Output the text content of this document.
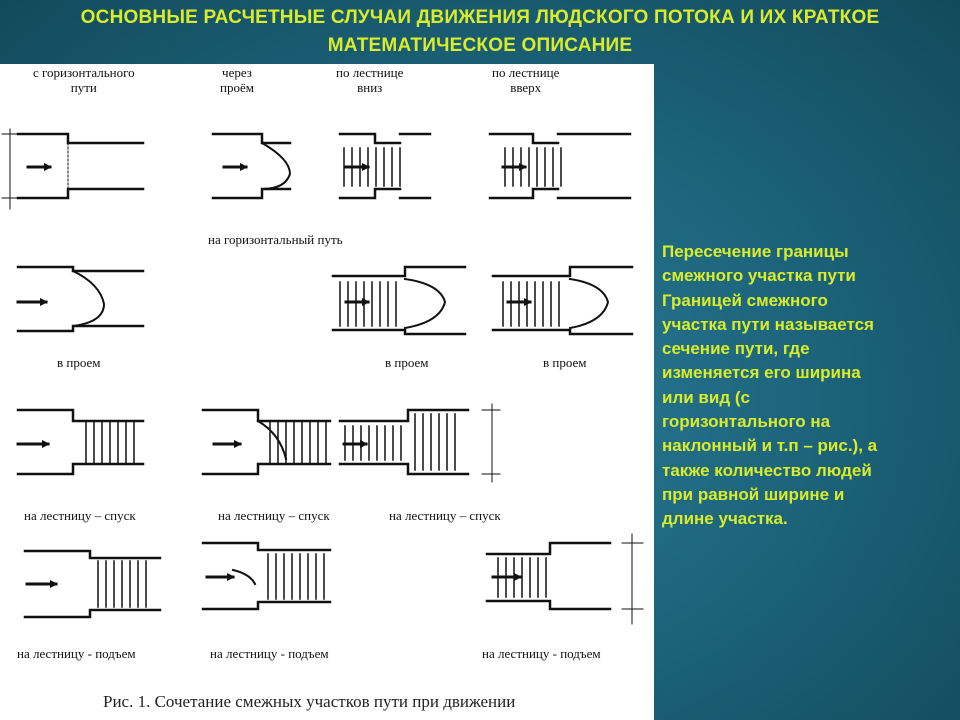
ОСНОВНЫЕ РАСЧЕТНЫЕ СЛУЧАИ ДВИЖЕНИЯ ЛЮДСКОГО ПОТОКА И ИХ КРАТКОЕ
МАТЕМАТИЧЕСКОЕ ОПИСАНИЕ
с горизонтального
пути
через
проём
по лестнице
вниз
по лестнице
вверх
на горизонтальный путь
в проем	в проем	в проем
на лестницу – спуск	на лестницу – спуск	на лестницу – спуск
на лестницу - подъем	на лестницу - подъем	на лестницу - подъем
Рис. 1. Сочетание смежных участков пути при движении
Пересечение границы
смежного участка пути
Границей смежного
участка пути называется
сечение пути, где
изменяется его ширина
или вид (с
горизонтального на
наклонный и т.п – рис.), а
также количество людей
при равной ширине и
длине участка.
